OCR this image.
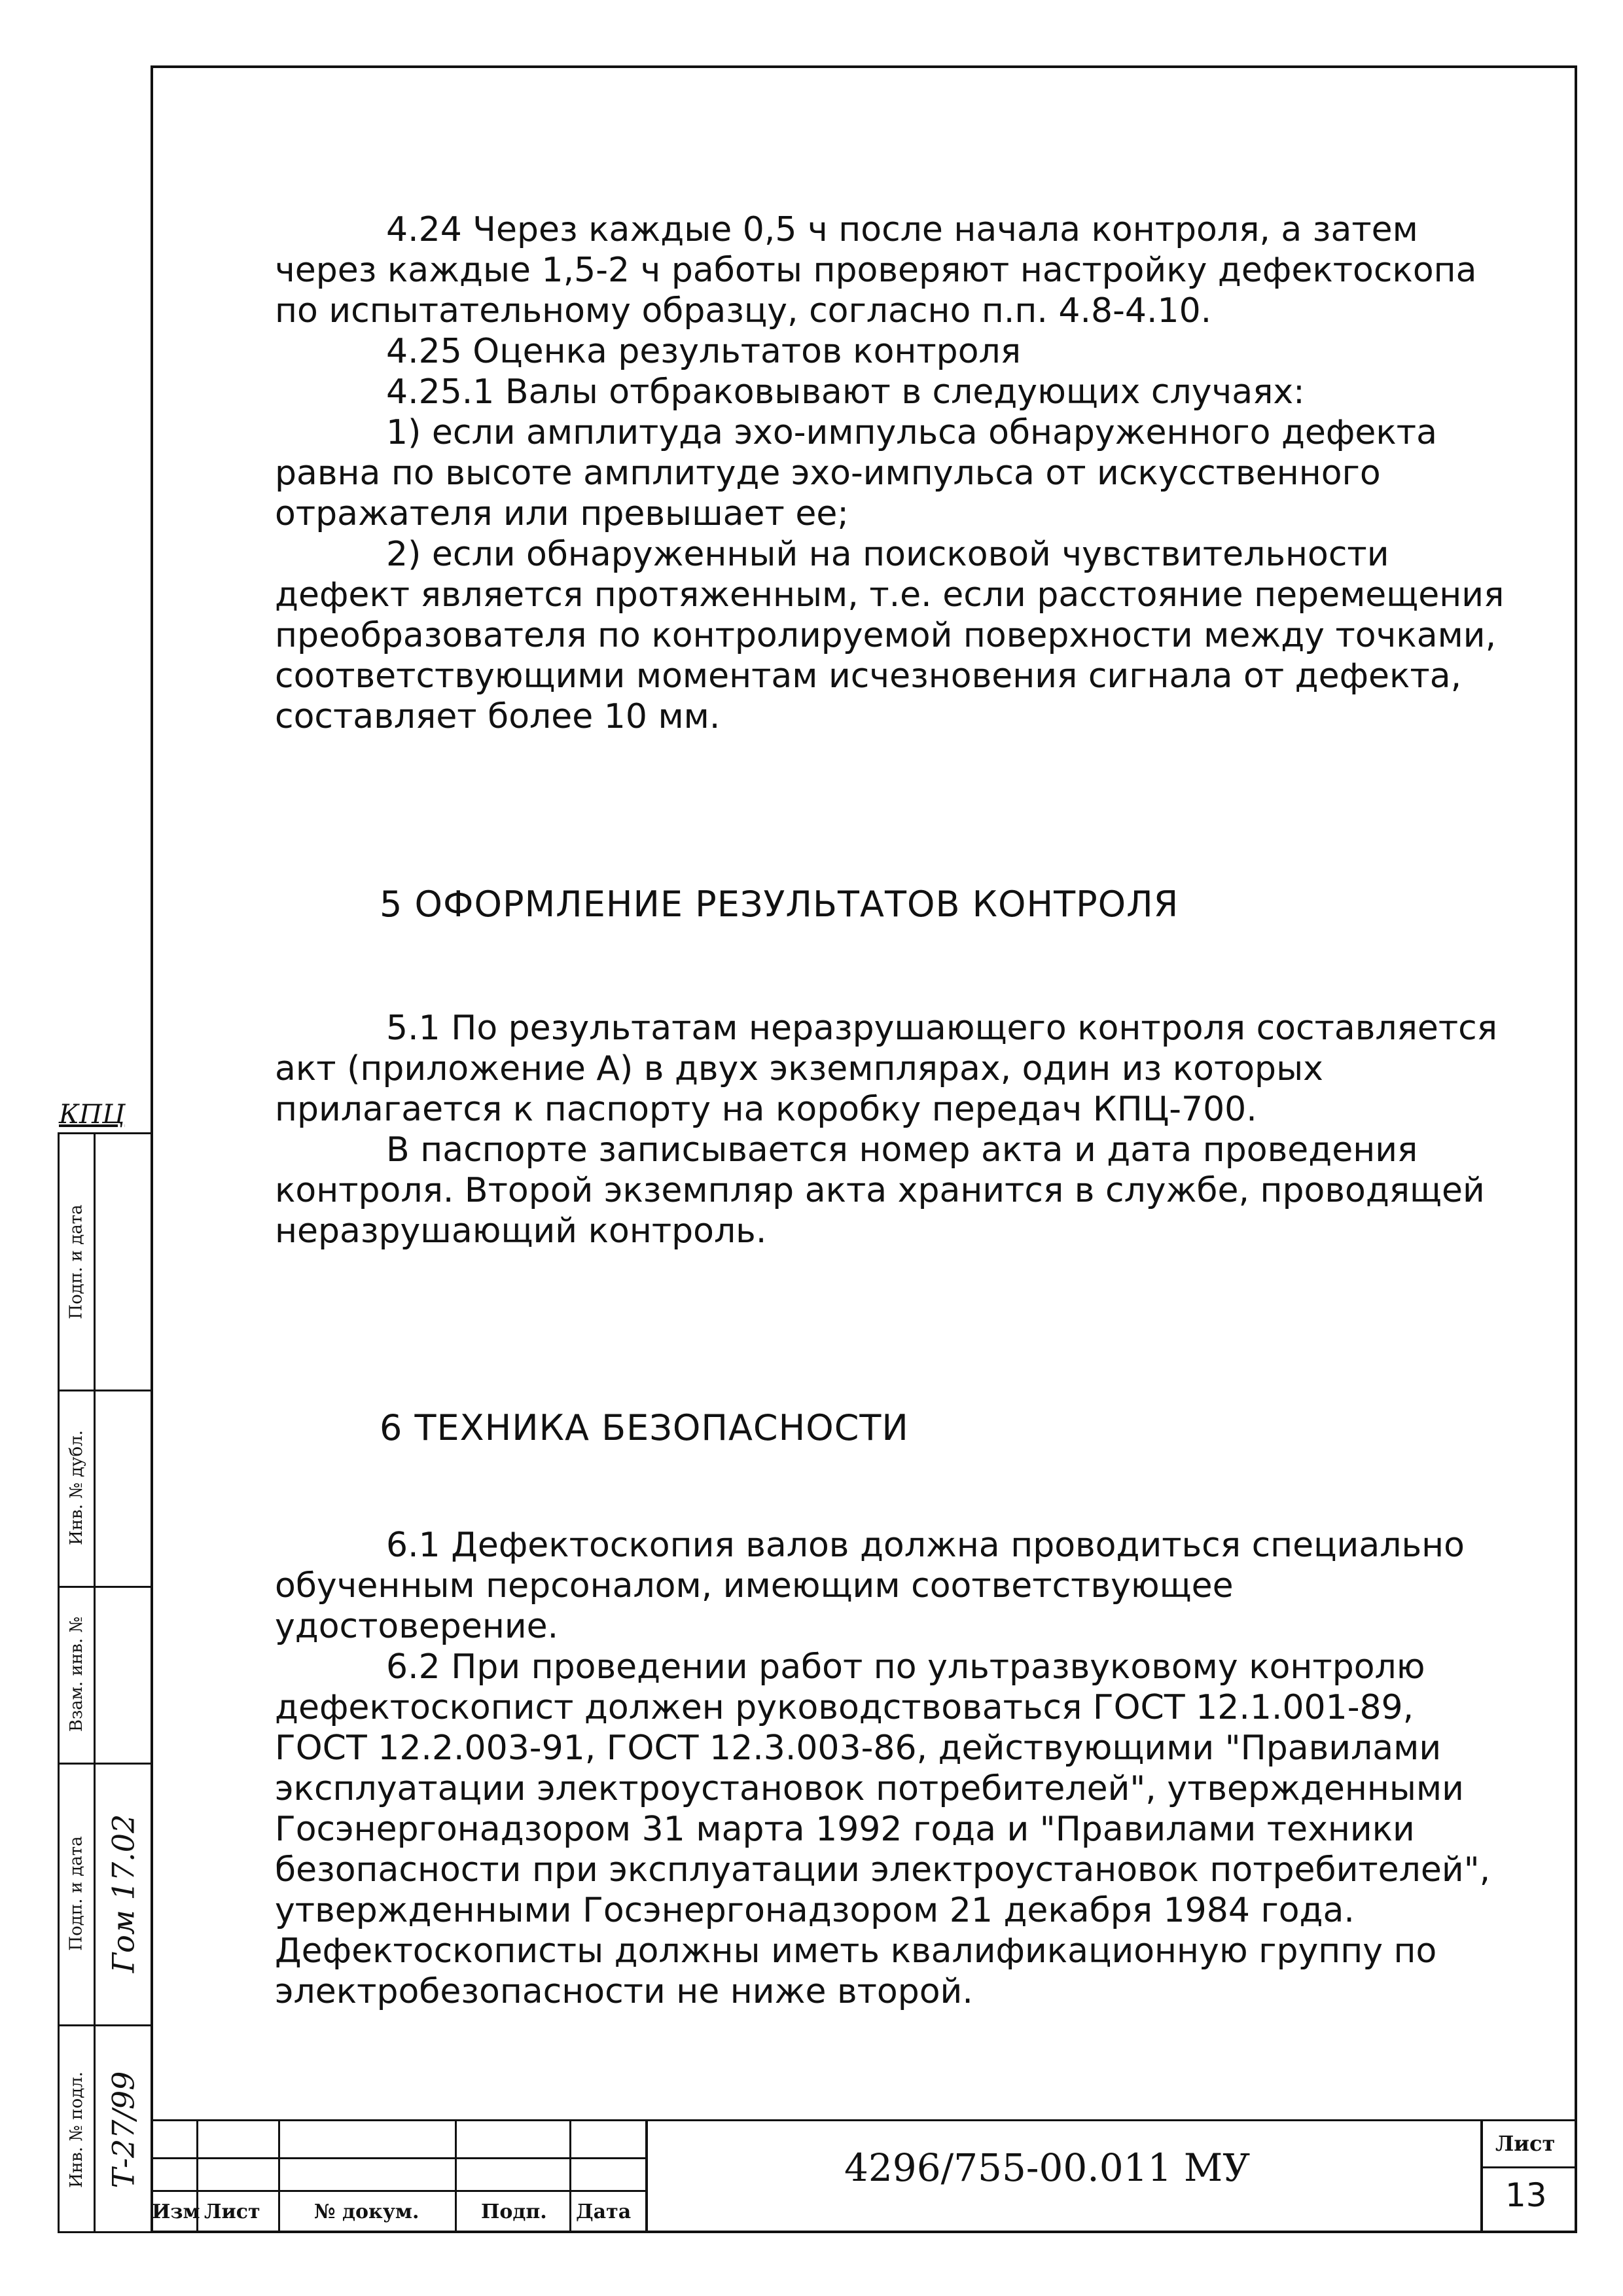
4.24 Через каждые 0,5 ч после начала контроля, а затем

через каждые 1,5-2 ч работы проверяют настройку дефектоскопа

по испытательному образцу, согласно п.п. 4.8-4.10.

4.25 Оценка результатов контроля

4.25.1 Валы отбраковывают в следующих случаях:

1) если амплитуда эхо-импульса обнаруженного дефекта

равна по высоте амплитуде эхо-импульса от искусственного

отражателя или превышает ее;

2) если обнаруженный на поисковой чувствительности

дефект является протяженным, т.е. если расстояние перемещения

преобразователя по контролируемой поверхности между точками,

соответствующими моментам исчезновения сигнала от дефекта,

составляет более 10 мм.

5 ОФОРМЛЕНИЕ РЕЗУЛЬТАТОВ КОНТРОЛЯ

5.1 По результатам неразрушающего контроля составляется

акт (приложение А) в двух экземплярах, один из которых

прилагается к паспорту на коробку передач КПЦ-700.

В паспорте записывается номер акта и дата проведения

контроля. Второй экземпляр акта хранится в службе, проводящей

неразрушающий контроль.

6 ТЕХНИКА БЕЗОПАСНОСТИ

6.1 Дефектоскопия валов должна проводиться специально

обученным персоналом, имеющим соответствующее

удостоверение.

6.2 При проведении работ по ультразвуковому контролю

дефектоскопист должен руководствоваться ГОСТ 12.1.001-89,

ГОСТ 12.2.003-91, ГОСТ 12.3.003-86, действующими "Правилами

эксплуатации электроустановок потребителей", утвержденными

Госэнергонадзором 31 марта 1992 года и "Правилами техники

безопасности при эксплуатации электроустановок потребителей",

утвержденными Госэнергонадзором 21 декабря 1984 года.

Дефектоскописты должны иметь квалификационную группу по

электробезопасности не ниже второй.

КПЦ
Подп. и дата
Инв. № дубл.
Взам. инв. №
Подп. и дата
Инв. № подл.
Гом 17.02
Т-27/99
Изм Лист	№ докум.	Подп. Дата
4296/755-00.011 МУ
Лист
13
